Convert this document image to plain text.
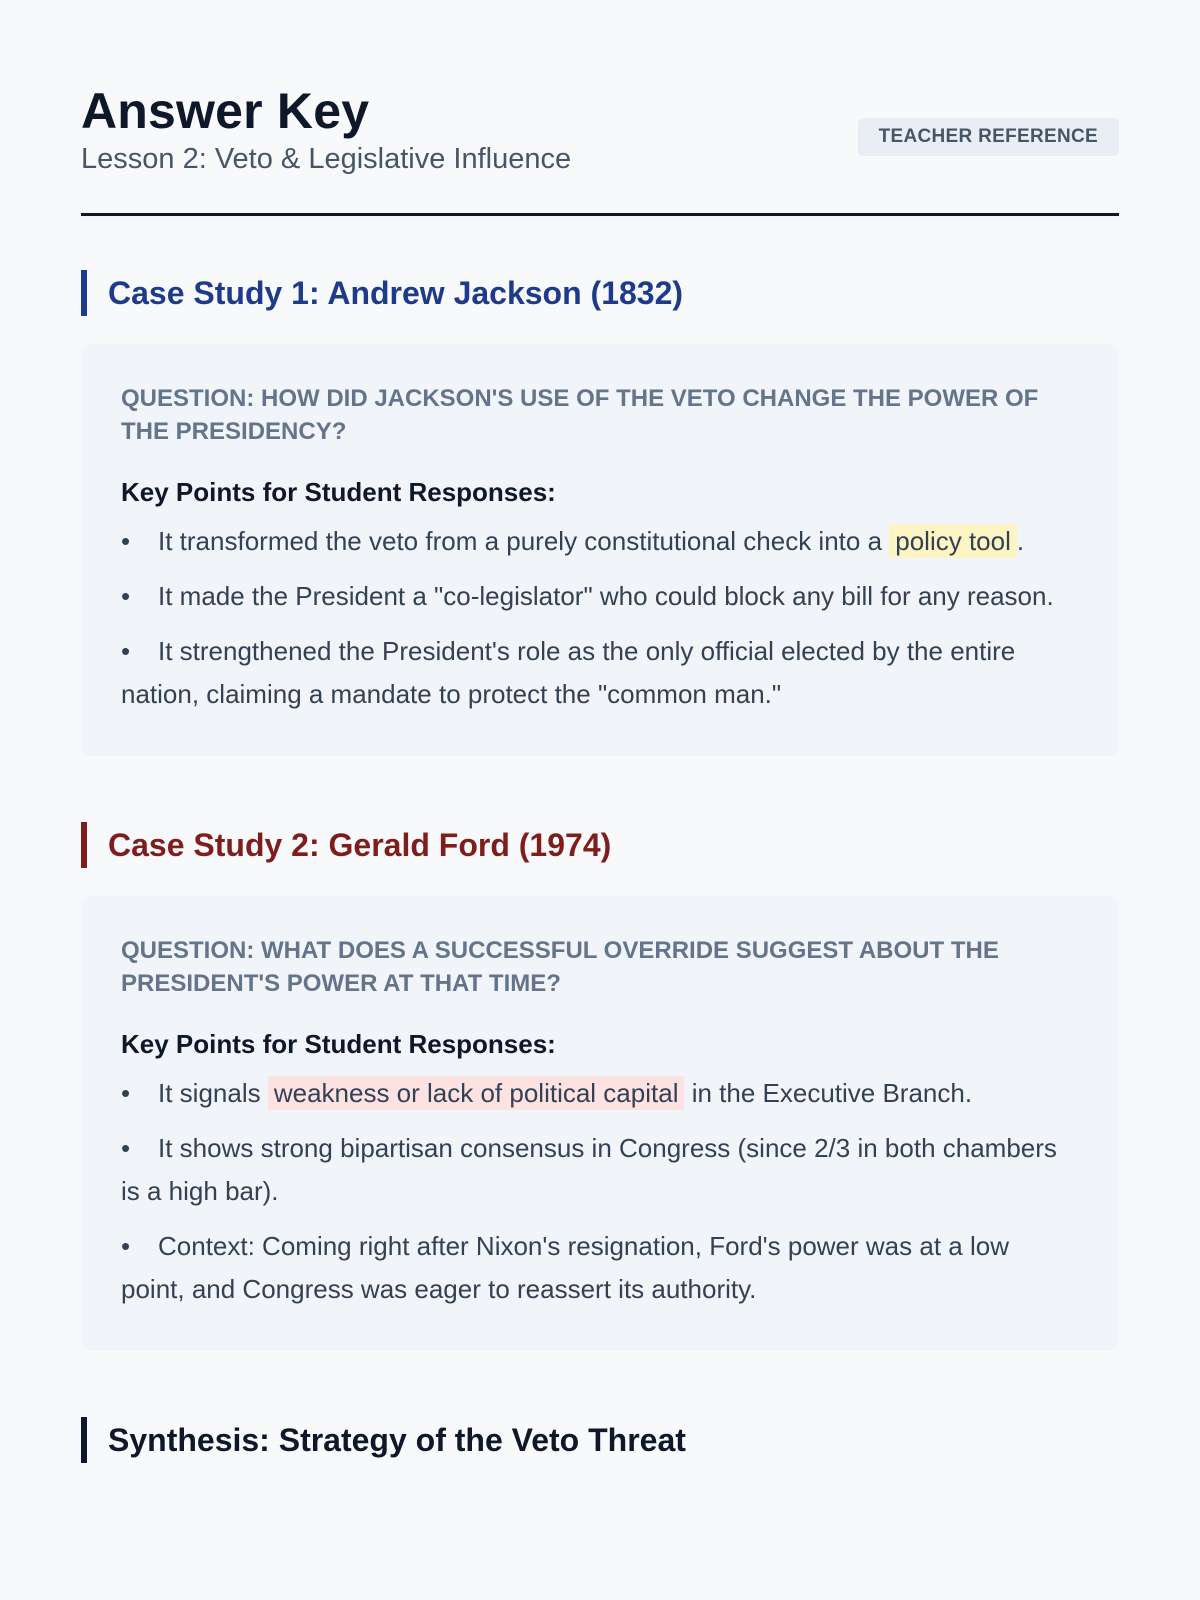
Answer Key

Lesson 2: Veto & Legislative Influence

TEACHER REFERENCE
Case Study 1: Andrew Jackson (1832)

QUESTION: HOW DID JACKSON'S USE OF THE VETO CHANGE THE POWER OF THE PRESIDENCY?

Key Points for Student Responses:

• It transformed the veto from a purely constitutional check into a policy tool .
• It made the President a "co-legislator" who could block any bill for any reason.
• It strengthened the President's role as the only official elected by the entire nation, claiming a mandate to protect the "common man."
Case Study 2: Gerald Ford (1974)

QUESTION: WHAT DOES A SUCCESSFUL OVERRIDE SUGGEST ABOUT THE PRESIDENT'S POWER AT THAT TIME?

Key Points for Student Responses:

• It signals weakness or lack of political capital in the Executive Branch.
• It shows strong bipartisan consensus in Congress (since 2/3 in both chambers is a high bar).
• Context: Coming right after Nixon's resignation, Ford's power was at a low point, and Congress was eager to reassert its authority.
Synthesis: Strategy of the Veto Threat
